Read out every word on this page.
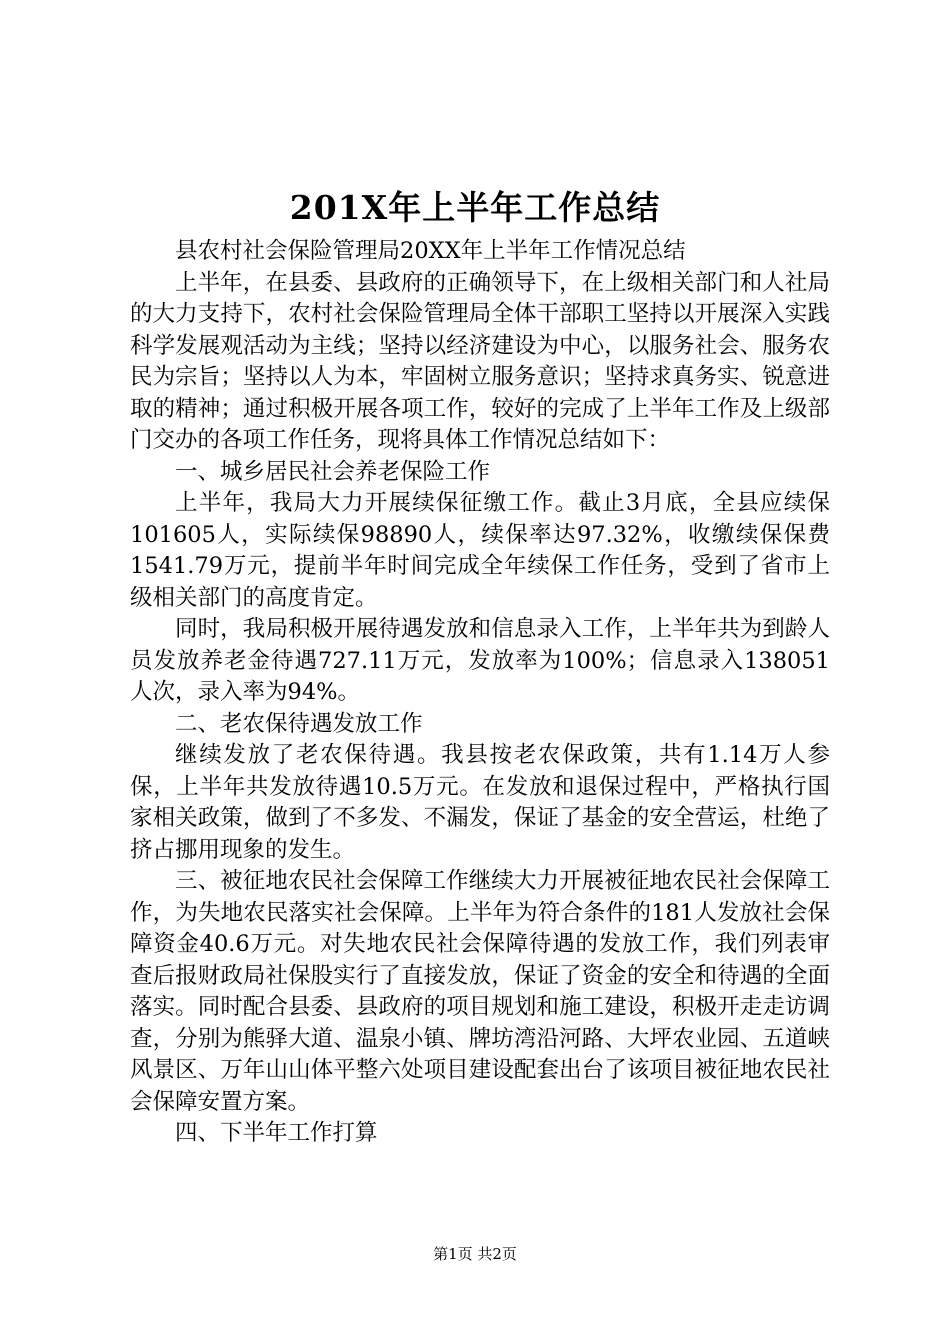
201X年上半年工作总结

县农村社会保险管理局20XX年上半年工作情况总结

上半年，在县委、县政府的正确领导下，在上级相关部门和人社局的大力支持下，农村社会保险管理局全体干部职工坚持以开展深入实践科学发展观活动为主线；坚持以经济建设为中心，以服务社会、服务农民为宗旨；坚持以人为本，牢固树立服务意识；坚持求真务实、锐意进取的精神；通过积极开展各项工作，较好的完成了上半年工作及上级部门交办的各项工作任务，现将具体工作情况总结如下：

一、城乡居民社会养老保险工作

上半年，我局大力开展续保征缴工作。截止3月底，全县应续保101605人，实际续保98890人，续保率达97.32%，收缴续保保费1541.79万元，提前半年时间完成全年续保工作任务，受到了省市上级相关部门的高度肯定。

同时，我局积极开展待遇发放和信息录入工作，上半年共为到龄人员发放养老金待遇727.11万元，发放率为100%；信息录入138051人次，录入率为94%。

二、老农保待遇发放工作

继续发放了老农保待遇。我县按老农保政策，共有1.14万人参保，上半年共发放待遇10.5万元。在发放和退保过程中，严格执行国家相关政策，做到了不多发、不漏发，保证了基金的安全营运，杜绝了挤占挪用现象的发生。

三、被征地农民社会保障工作继续大力开展被征地农民社会保障工作，为失地农民落实社会保障。上半年为符合条件的181人发放社会保障资金40.6万元。对失地农民社会保障待遇的发放工作，我们列表审查后报财政局社保股实行了直接发放，保证了资金的安全和待遇的全面落实。同时配合县委、县政府的项目规划和施工建设，积极开走走访调查，分别为熊驿大道、温泉小镇、牌坊湾沿河路、大坪农业园、五道峡风景区、万年山山体平整六处项目建设配套出台了该项目被征地农民社会保障安置方案。

四、下半年工作打算

第1页 共2页
